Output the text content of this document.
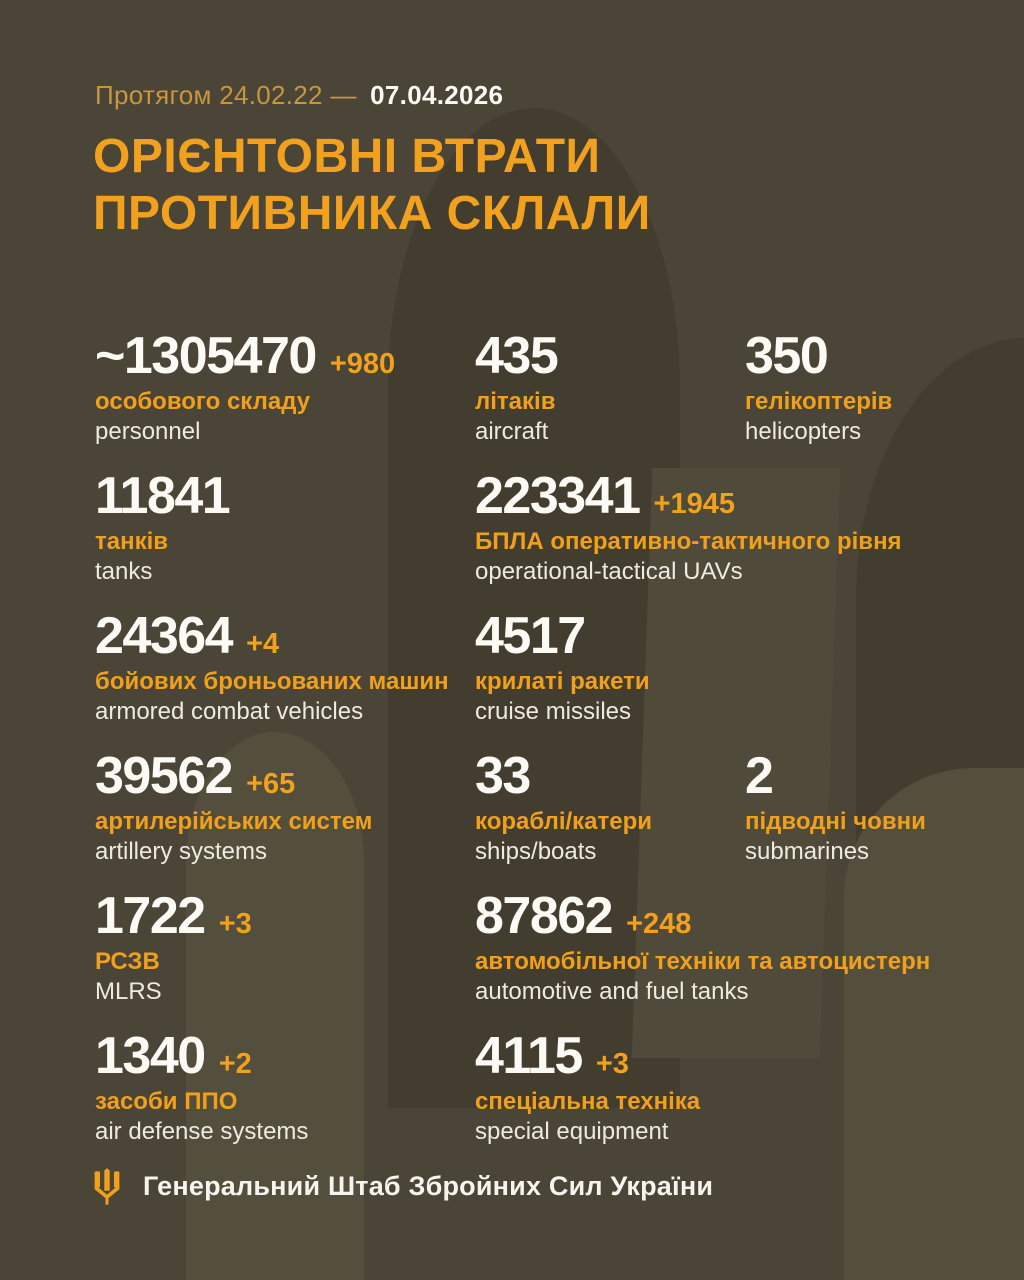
Протягом 24.02.22 — 07.04.2026
ОРІЄНТОВНІ ВТРАТИ
ПРОТИВНИКА СКЛАЛИ
~1305470 +980
особового складу
personnel
435
літаків
aircraft
350
гелікоптерів
helicopters
11841
танків
tanks
223341 +1945
БПЛА оперативно-тактичного рівня
operational-tactical UAVs
24364 +4
бойових броньованих машин
armored combat vehicles
4517
крилаті ракети
cruise missiles
39562 +65
артилерійських систем
artillery systems
33
кораблі/катери
ships/boats
2
підводні човни
submarines
1722 +3
РСЗВ
MLRS
87862 +248
автомобільної техніки та автоцистерн
automotive and fuel tanks
1340 +2
засоби ППО
air defense systems
4115 +3
спеціальна техніка
special equipment
Генеральний Штаб Збройних Сил України
